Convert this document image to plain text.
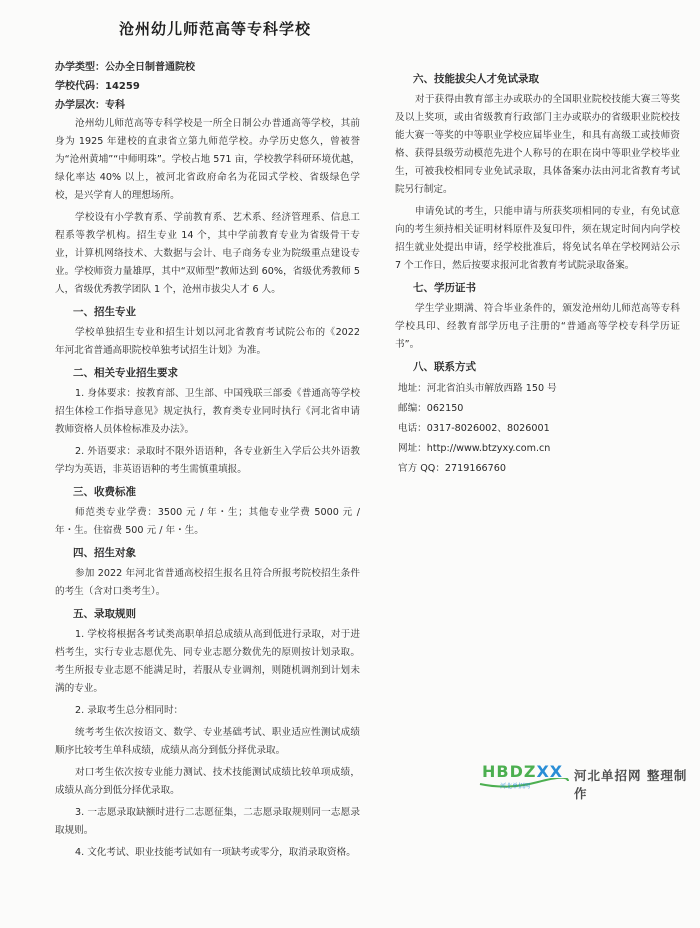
沧州幼儿师范高等专科学校
办学类型：公办全日制普通院校
学校代码：14259
办学层次：专科

沧州幼儿师范高等专科学校是一所全日制公办普通高等学校，其前身为 1925 年建校的直隶省立第九师范学校。办学历史悠久，曾被誉为“沧州黄埔”“中师明珠”。学校占地 571 亩，学校教学科研环境优越，绿化率达 40% 以上，被河北省政府命名为花园式学校、省级绿色学校，是兴学育人的理想场所。

学校设有小学教育系、学前教育系、艺术系、经济管理系、信息工程系等教学机构。招生专业 14 个，其中学前教育专业为省级骨干专业，计算机网络技术、大数据与会计、电子商务专业为院级重点建设专业。学校师资力量雄厚，其中“双师型”教师达到 60%，省级优秀教师 5 人，省级优秀教学团队 1 个，沧州市拔尖人才 6 人。

一、招生专业

学校单独招生专业和招生计划以河北省教育考试院公布的《2022 年河北省普通高职院校单独考试招生计划》为准。

二、相关专业招生要求

1. 身体要求：按教育部、卫生部、中国残联三部委《普通高等学校招生体检工作指导意见》规定执行，教育类专业同时执行《河北省申请教师资格人员体检标准及办法》。

2. 外语要求：录取时不限外语语种，各专业新生入学后公共外语教学均为英语，非英语语种的考生需慎重填报。

三、收费标准

师范类专业学费：3500 元 / 年・生；其他专业学费 5000 元 / 年・生。住宿费 500 元 / 年・生。

四、招生对象

参加 2022 年河北省普通高校招生报名且符合所报考院校招生条件的考生（含对口类考生）。

五、录取规则

1. 学校将根据各考试类高职单招总成绩从高到低进行录取，对于进档考生，实行专业志愿优先、同专业志愿分数优先的原则按计划录取。考生所报专业志愿不能满足时，若服从专业调剂，则随机调剂到计划未满的专业。

2. 录取考生总分相同时：

统考考生依次按语文、数学、专业基础考试、职业适应性测试成绩顺序比较考生单科成绩，成绩从高分到低分择优录取。

对口考生依次按专业能力测试、技术技能测试成绩比较单项成绩，成绩从高分到低分择优录取。

3. 一志愿录取缺额时进行二志愿征集，二志愿录取规则同一志愿录取规则。

4. 文化考试、职业技能考试如有一项缺考或零分，取消录取资格。

六、技能拔尖人才免试录取

对于获得由教育部主办或联办的全国职业院校技能大赛三等奖及以上奖项，或由省级教育行政部门主办或联办的省级职业院校技能大赛一等奖的中等职业学校应届毕业生，和具有高级工或技师资格、获得县级劳动模范先进个人称号的在职在岗中等职业学校毕业生，可被我校相同专业免试录取，具体备案办法由河北省教育考试院另行制定。

申请免试的考生，只能申请与所获奖项相同的专业，有免试意向的考生须持相关证明材料原件及复印件，须在规定时间内向学校招生就业处提出申请，经学校批准后，将免试名单在学校网站公示 7 个工作日，然后按要求报河北省教育考试院录取备案。

七、学历证书

学生学业期满、符合毕业条件的，颁发沧州幼儿师范高等专科学校具印、经教育部学历电子注册的“普通高等学校专科学历证书”。

八、联系方式
地址：河北省泊头市解放西路 150 号
邮编：062150
电话：0317-8026002、8026001
网址：http://www.btzyxy.com.cn
官方 QQ：2719166760
HBDZXX
河北单招网
河北单招网 整理制作
